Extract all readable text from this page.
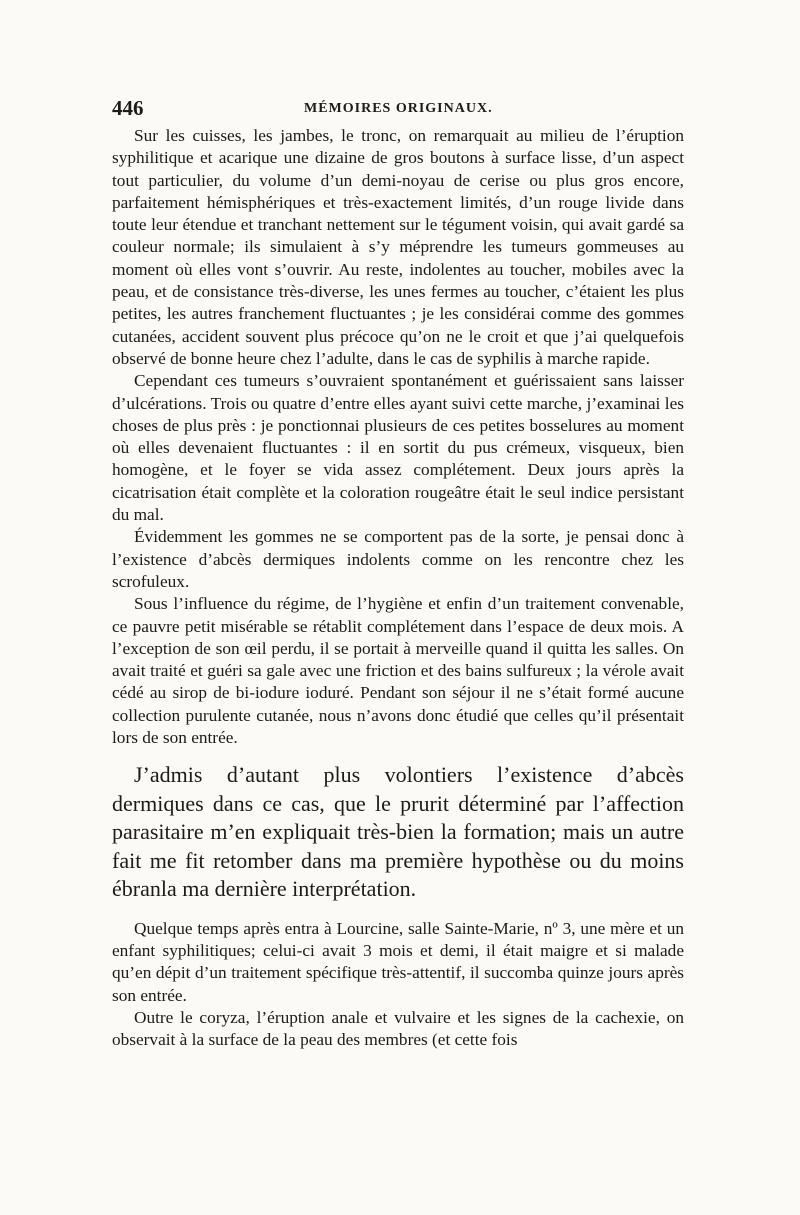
446	MÉMOIRES ORIGINAUX.

Sur les cuisses, les jambes, le tronc, on remarquait au milieu de l’éruption syphilitique et acarique une dizaine de gros boutons à surface lisse, d’un aspect tout particulier, du volume d’un demi-noyau de cerise ou plus gros encore, parfaitement hémisphériques et très-exactement limités, d’un rouge livide dans toute leur étendue et tranchant nettement sur le tégument voisin, qui avait gardé sa couleur normale; ils simulaient à s’y méprendre les tumeurs gommeuses au moment où elles vont s’ouvrir. Au reste, indolentes au toucher, mobiles avec la peau, et de consistance très-diverse, les unes fermes au toucher, c’étaient les plus petites, les autres franchement fluctuantes ; je les considérai comme des gommes cutanées, accident souvent plus précoce qu’on ne le croit et que j’ai quelquefois observé de bonne heure chez l’adulte, dans le cas de syphilis à marche rapide.

Cependant ces tumeurs s’ouvraient spontanément et guérissaient sans laisser d’ulcérations. Trois ou quatre d’entre elles ayant suivi cette marche, j’examinai les choses de plus près : je ponctionnai plusieurs de ces petites bosselures au moment où elles devenaient fluctuantes : il en sortit du pus crémeux, visqueux, bien homogène, et le foyer se vida assez complétement. Deux jours après la cicatrisation était complète et la coloration rougeâtre était le seul indice persistant du mal.

Évidemment les gommes ne se comportent pas de la sorte, je pensai donc à l’existence d’abcès dermiques indolents comme on les rencontre chez les scrofuleux.

Sous l’influence du régime, de l’hygiène et enfin d’un traitement convenable, ce pauvre petit misérable se rétablit complétement dans l’espace de deux mois. A l’exception de son œil perdu, il se portait à merveille quand il quitta les salles. On avait traité et guéri sa gale avec une friction et des bains sulfureux ; la vérole avait cédé au sirop de bi-iodure ioduré. Pendant son séjour il ne s’était formé aucune collection purulente cutanée, nous n’avons donc étudié que celles qu’il présentait lors de son entrée.

J’admis d’autant plus volontiers l’existence d’abcès dermiques dans ce cas, que le prurit déterminé par l’affection parasitaire m’en expliquait très-bien la formation; mais un autre fait me fit retomber dans ma première hypothèse ou du moins ébranla ma dernière interprétation.

Quelque temps après entra à Lourcine, salle Sainte-Marie, nº 3, une mère et un enfant syphilitiques; celui-ci avait 3 mois et demi, il était maigre et si malade qu’en dépit d’un traitement spécifique très-attentif, il succomba quinze jours après son entrée.

Outre le coryza, l’éruption anale et vulvaire et les signes de la cachexie, on observait à la surface de la peau des membres (et cette fois
